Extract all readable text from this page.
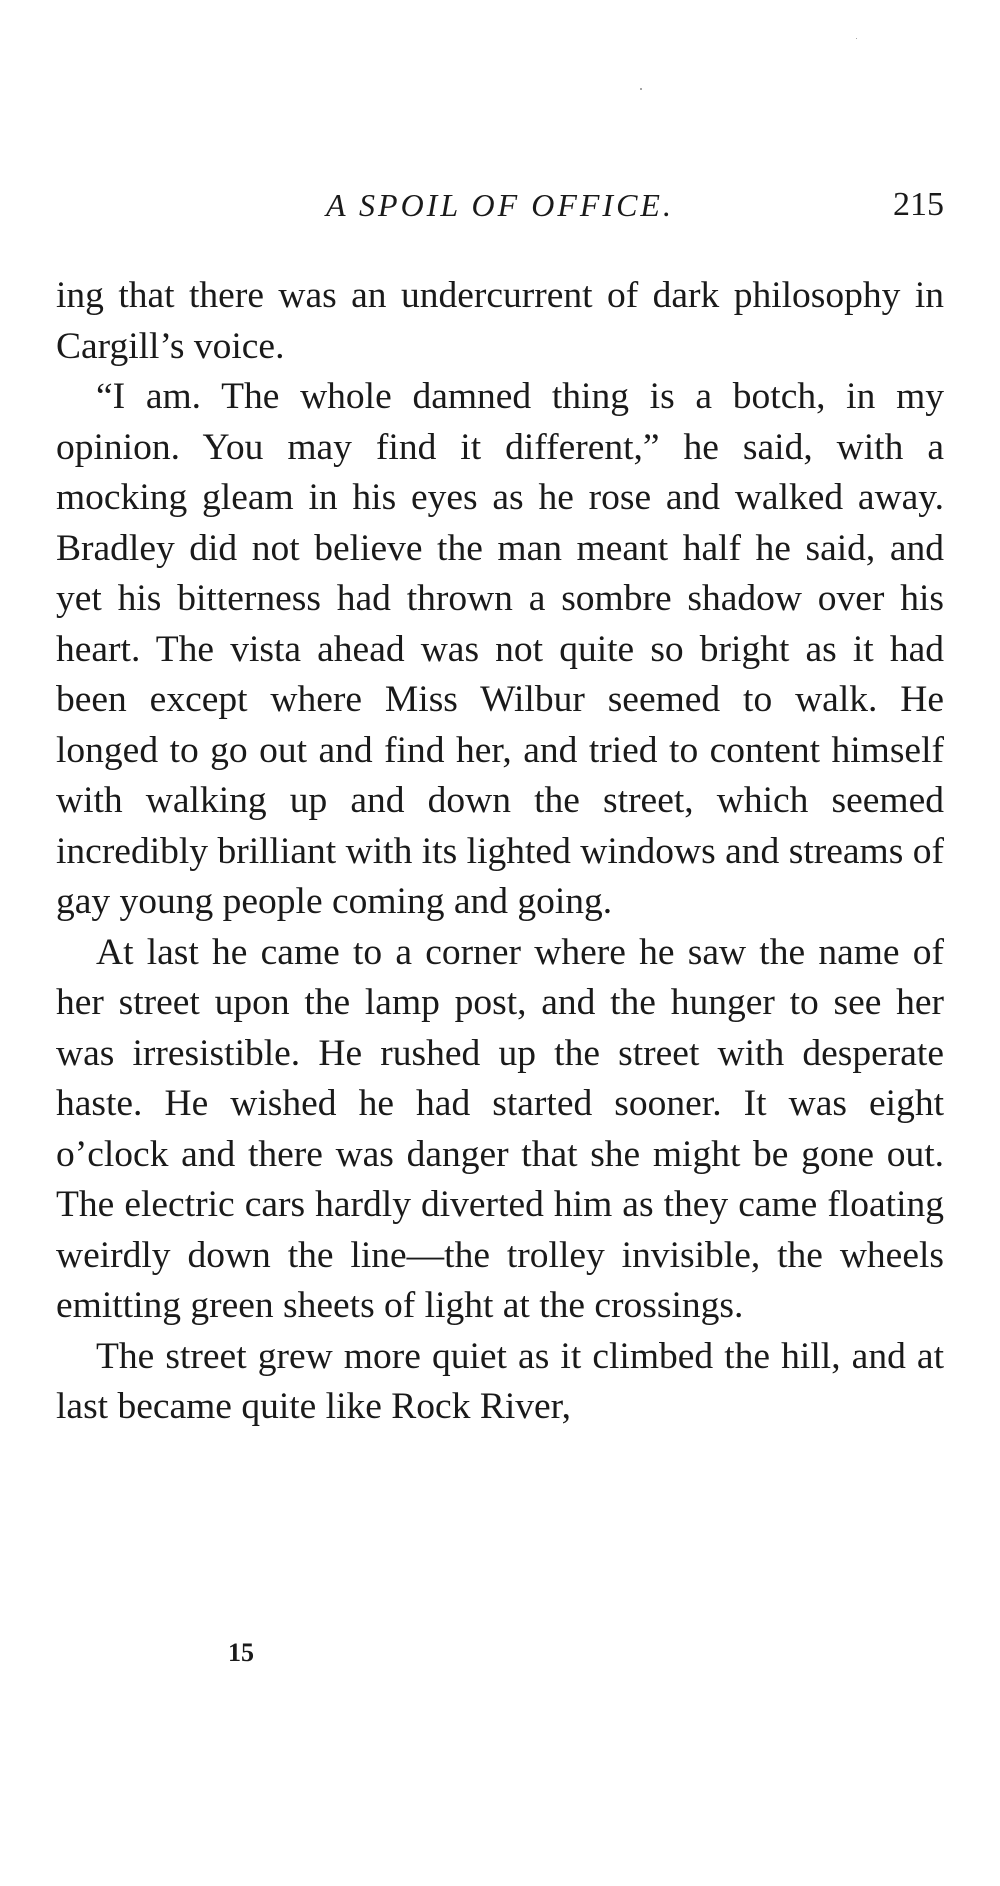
A SPOIL OF OFFICE.	215

ing that there was an undercurrent of dark philosophy in Cargill’s voice.

“I am. The whole damned thing is a botch, in my opinion. You may find it different,” he said, with a mocking gleam in his eyes as he rose and walked away. Bradley did not believe the man meant half he said, and yet his bitterness had thrown a sombre shadow over his heart. The vista ahead was not quite so bright as it had been except where Miss Wilbur seemed to walk. He longed to go out and find her, and tried to content himself with walking up and down the street, which seemed incredibly brilliant with its lighted windows and streams of gay young people coming and going.

At last he came to a corner where he saw the name of her street upon the lamp post, and the hunger to see her was irresistible. He rushed up the street with desperate haste. He wished he had started sooner. It was eight o’clock and there was danger that she might be gone out. The electric cars hardly diverted him as they came floating weirdly down the line—the trolley invisible, the wheels emitting green sheets of light at the crossings.

The street grew more quiet as it climbed the hill, and at last became quite like Rock River,

15
